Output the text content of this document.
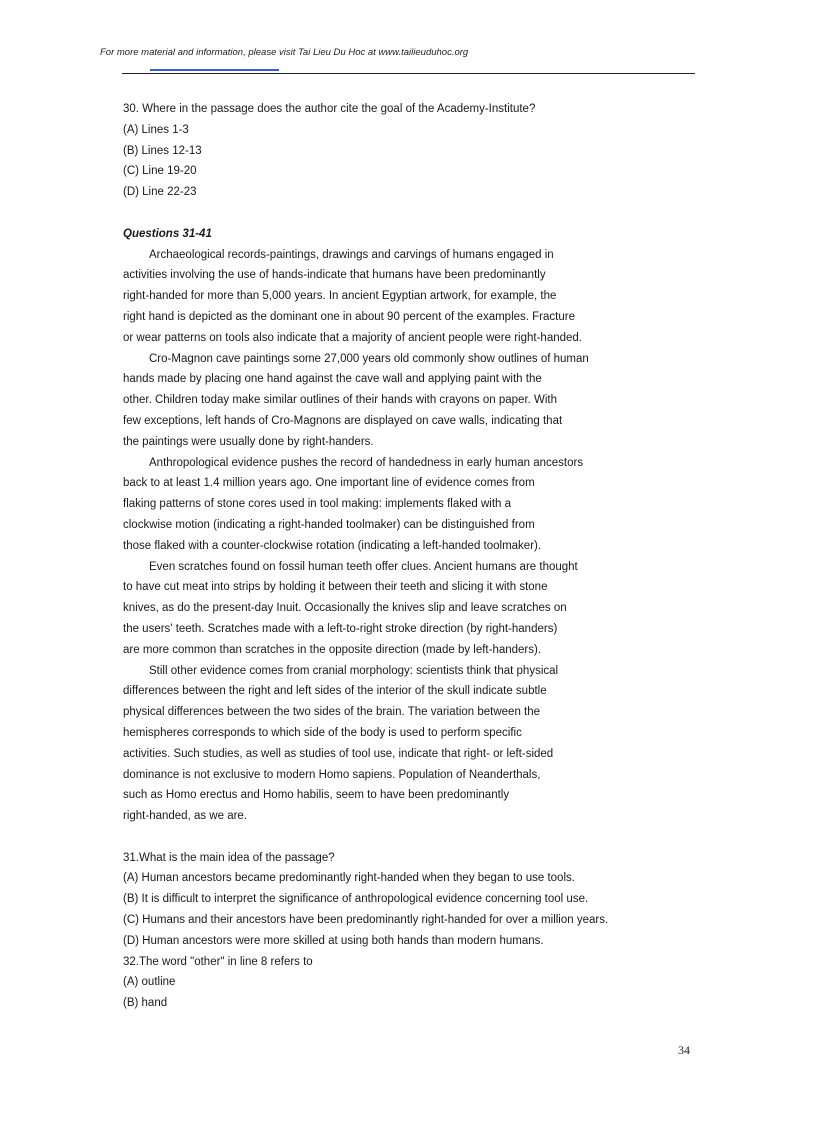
For more material and information, please visit Tai Lieu Du Hoc at www.tailieuduhoc.org
30. Where in the passage does the author cite the goal of the Academy-Institute?
(A) Lines 1-3
(B) Lines 12-13
(C) Line 19-20
(D) Line 22-23
Questions 31-41
Archaeological records-paintings, drawings and carvings of humans engaged in
activities involving the use of hands-indicate that humans have been predominantly
right-handed for more than 5,000 years. In ancient Egyptian artwork, for example, the
right hand is depicted as the dominant one in about 90 percent of the examples. Fracture
or wear patterns on tools also indicate that a majority of ancient people were right-handed.
Cro-Magnon cave paintings some 27,000 years old commonly show outlines of human
hands made by placing one hand against the cave wall and applying paint with the
other. Children today make similar outlines of their hands with crayons on paper. With
few exceptions, left hands of Cro-Magnons are displayed on cave walls, indicating that
the paintings were usually done by right-handers.
Anthropological evidence pushes the record of handedness in early human ancestors
back to at least 1.4 million years ago. One important line of evidence comes from
flaking patterns of stone cores used in tool making: implements flaked with a
clockwise motion (indicating a right-handed toolmaker) can be distinguished from
those flaked with a counter-clockwise rotation (indicating a left-handed toolmaker).
Even scratches found on fossil human teeth offer clues. Ancient humans are thought
to have cut meat into strips by holding it between their teeth and slicing it with stone
knives, as do the present-day Inuit. Occasionally the knives slip and leave scratches on
the users' teeth. Scratches made with a left-to-right stroke direction (by right-handers)
are more common than scratches in the opposite direction (made by left-handers).
Still other evidence comes from cranial morphology: scientists think that physical
differences between the right and left sides of the interior of the skull indicate subtle
physical differences between the two sides of the brain. The variation between the
hemispheres corresponds to which side of the body is used to perform specific
activities. Such studies, as well as studies of tool use, indicate that right- or left-sided
dominance is not exclusive to modern Homo sapiens. Population of Neanderthals,
such as Homo erectus and Homo habilis, seem to have been predominantly
right-handed, as we are.
31.What is the main idea of the passage?
(A) Human ancestors became predominantly right-handed when they began to use tools.
(B) It is difficult to interpret the significance of anthropological evidence concerning tool use.
(C) Humans and their ancestors have been predominantly right-handed for over a million years.
(D) Human ancestors were more skilled at using both hands than modern humans.
32.The word "other" in line 8 refers to
(A) outline
(B) hand
34
